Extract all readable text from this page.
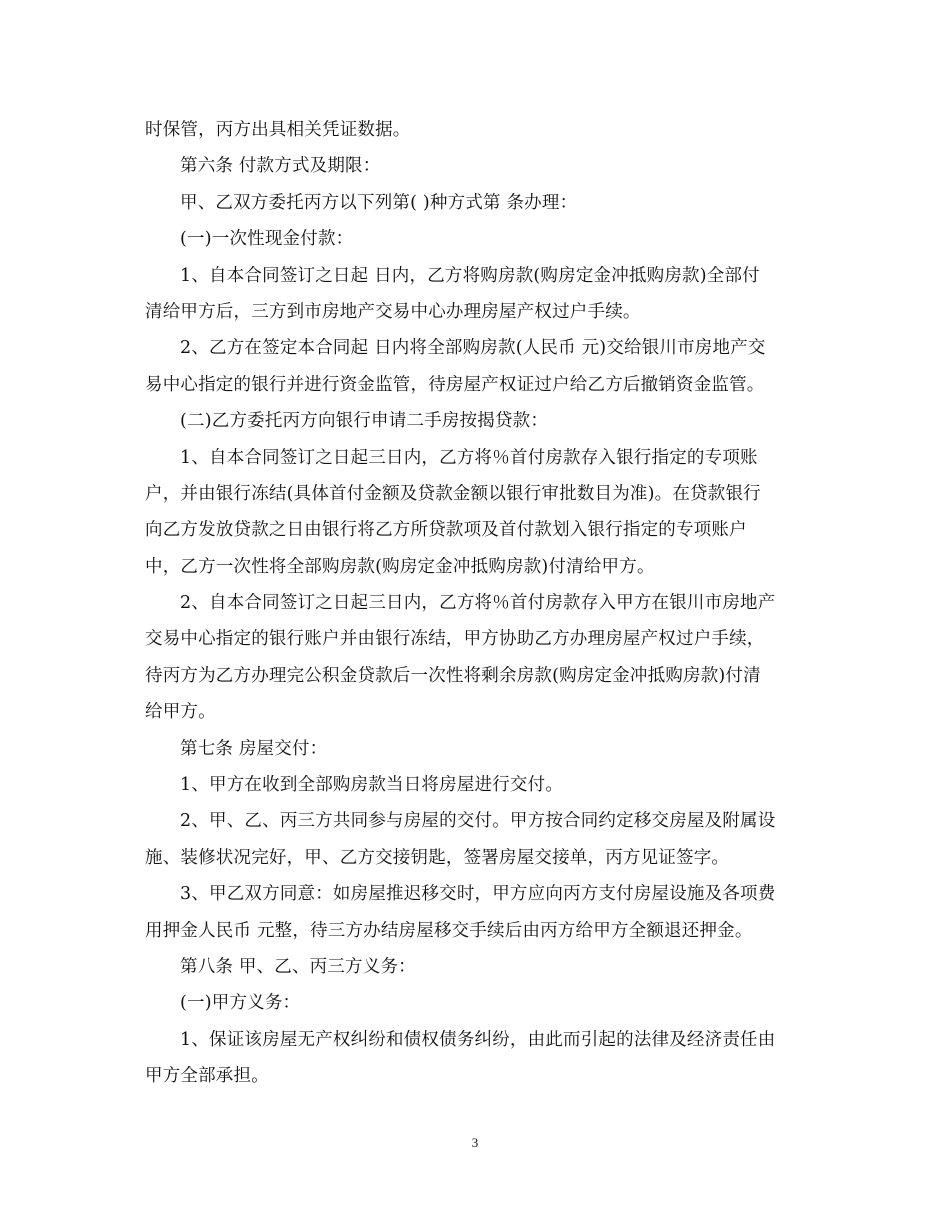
时保管，丙方出具相关凭证数据。
第六条 付款方式及期限：
甲、乙双方委托丙方以下列第( )种方式第 条办理：
(一)一次性现金付款：
1、自本合同签订之日起 日内，乙方将购房款(购房定金冲抵购房款)全部付
清给甲方后，三方到市房地产交易中心办理房屋产权过户手续。
2、乙方在签定本合同起 日内将全部购房款(人民币 元)交给银川市房地产交
易中心指定的银行并进行资金监管，待房屋产权证过户给乙方后撤销资金监管。
(二)乙方委托丙方向银行申请二手房按揭贷款：
1、自本合同签订之日起三日内，乙方将％首付房款存入银行指定的专项账
户，并由银行冻结(具体首付金额及贷款金额以银行审批数目为准)。在贷款银行
向乙方发放贷款之日由银行将乙方所贷款项及首付款划入银行指定的专项账户
中，乙方一次性将全部购房款(购房定金冲抵购房款)付清给甲方。
2、自本合同签订之日起三日内，乙方将％首付房款存入甲方在银川市房地产
交易中心指定的银行账户并由银行冻结，甲方协助乙方办理房屋产权过户手续，
待丙方为乙方办理完公积金贷款后一次性将剩余房款(购房定金冲抵购房款)付清
给甲方。
第七条 房屋交付：
1、甲方在收到全部购房款当日将房屋进行交付。
2、甲、乙、丙三方共同参与房屋的交付。甲方按合同约定移交房屋及附属设
施、装修状况完好，甲、乙方交接钥匙，签署房屋交接单，丙方见证签字。
3、甲乙双方同意：如房屋推迟移交时，甲方应向丙方支付房屋设施及各项费
用押金人民币 元整，待三方办结房屋移交手续后由丙方给甲方全额退还押金。
第八条 甲、乙、丙三方义务：
(一)甲方义务：
1、保证该房屋无产权纠纷和债权债务纠纷，由此而引起的法律及经济责任由
甲方全部承担。
3
